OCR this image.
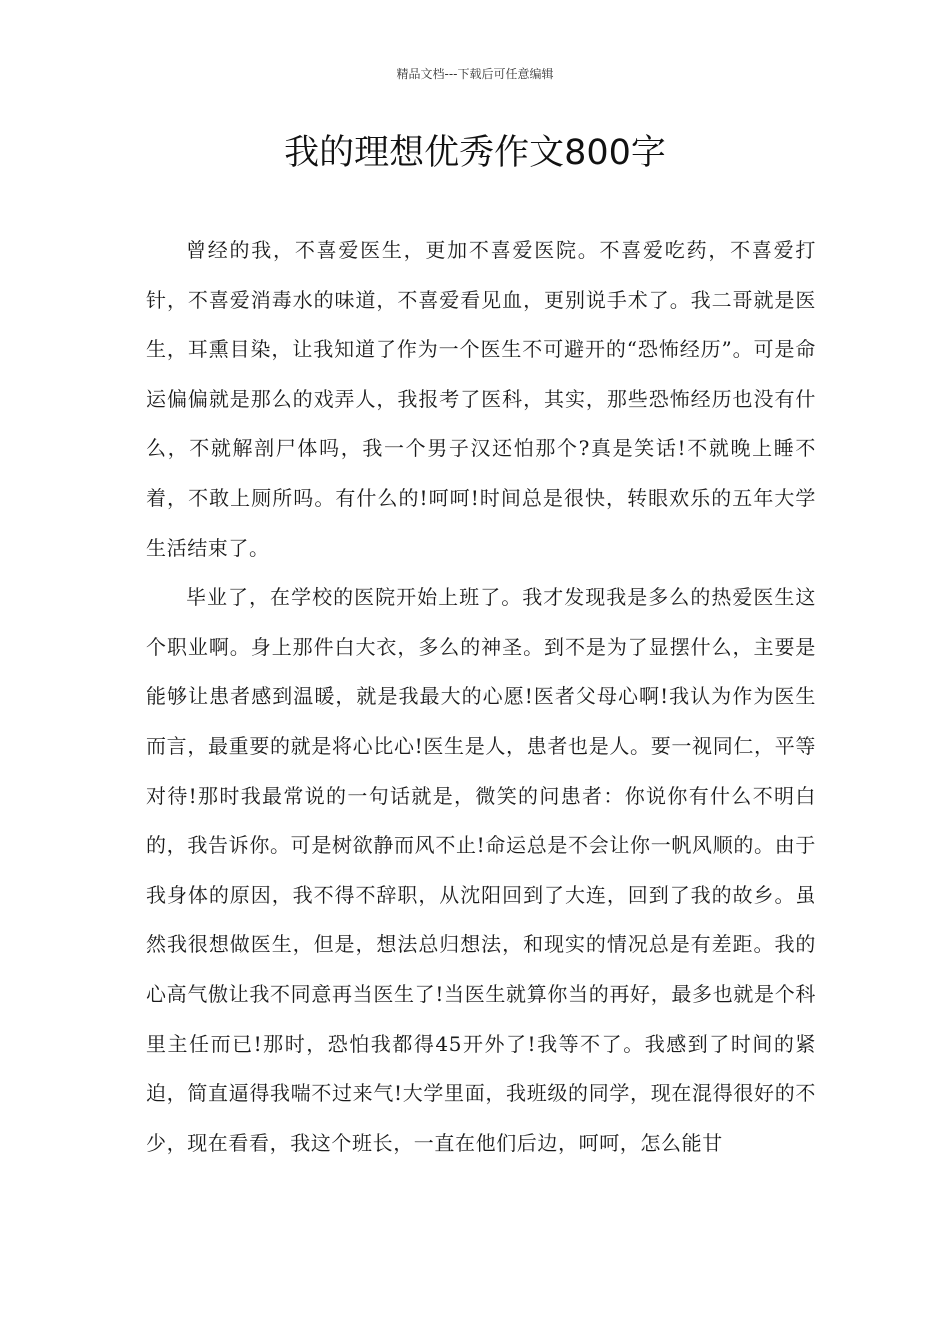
精品文档---下载后可任意编辑
我的理想优秀作文800字

曾经的我，不喜爱医生，更加不喜爱医院。不喜爱吃药，不喜爱打针，不喜爱消毒水的味道，不喜爱看见血，更别说手术了。我二哥就是医生，耳熏目染，让我知道了作为一个医生不可避开的“恐怖经历”。可是命运偏偏就是那么的戏弄人，我报考了医科，其实，那些恐怖经历也没有什么，不就解剖尸体吗，我一个男子汉还怕那个?真是笑话!不就晚上睡不着，不敢上厕所吗。有什么的!呵呵!时间总是很快，转眼欢乐的五年大学生活结束了。

毕业了，在学校的医院开始上班了。我才发现我是多么的热爱医生这个职业啊。身上那件白大衣，多么的神圣。到不是为了显摆什么，主要是能够让患者感到温暖，就是我最大的心愿!医者父母心啊!我认为作为医生而言，最重要的就是将心比心!医生是人，患者也是人。要一视同仁，平等对待!那时我最常说的一句话就是，微笑的问患者：你说你有什么不明白的，我告诉你。可是树欲静而风不止!命运总是不会让你一帆风顺的。由于我身体的原因，我不得不辞职，从沈阳回到了大连，回到了我的故乡。虽然我很想做医生，但是，想法总归想法，和现实的情况总是有差距。我的心高气傲让我不同意再当医生了!当医生就算你当的再好，最多也就是个科里主任而已!那时，恐怕我都得45开外了!我等不了。我感到了时间的紧迫，简直逼得我喘不过来气!大学里面，我班级的同学，现在混得很好的不少，现在看看，我这个班长，一直在他们后边，呵呵，怎么能甘
